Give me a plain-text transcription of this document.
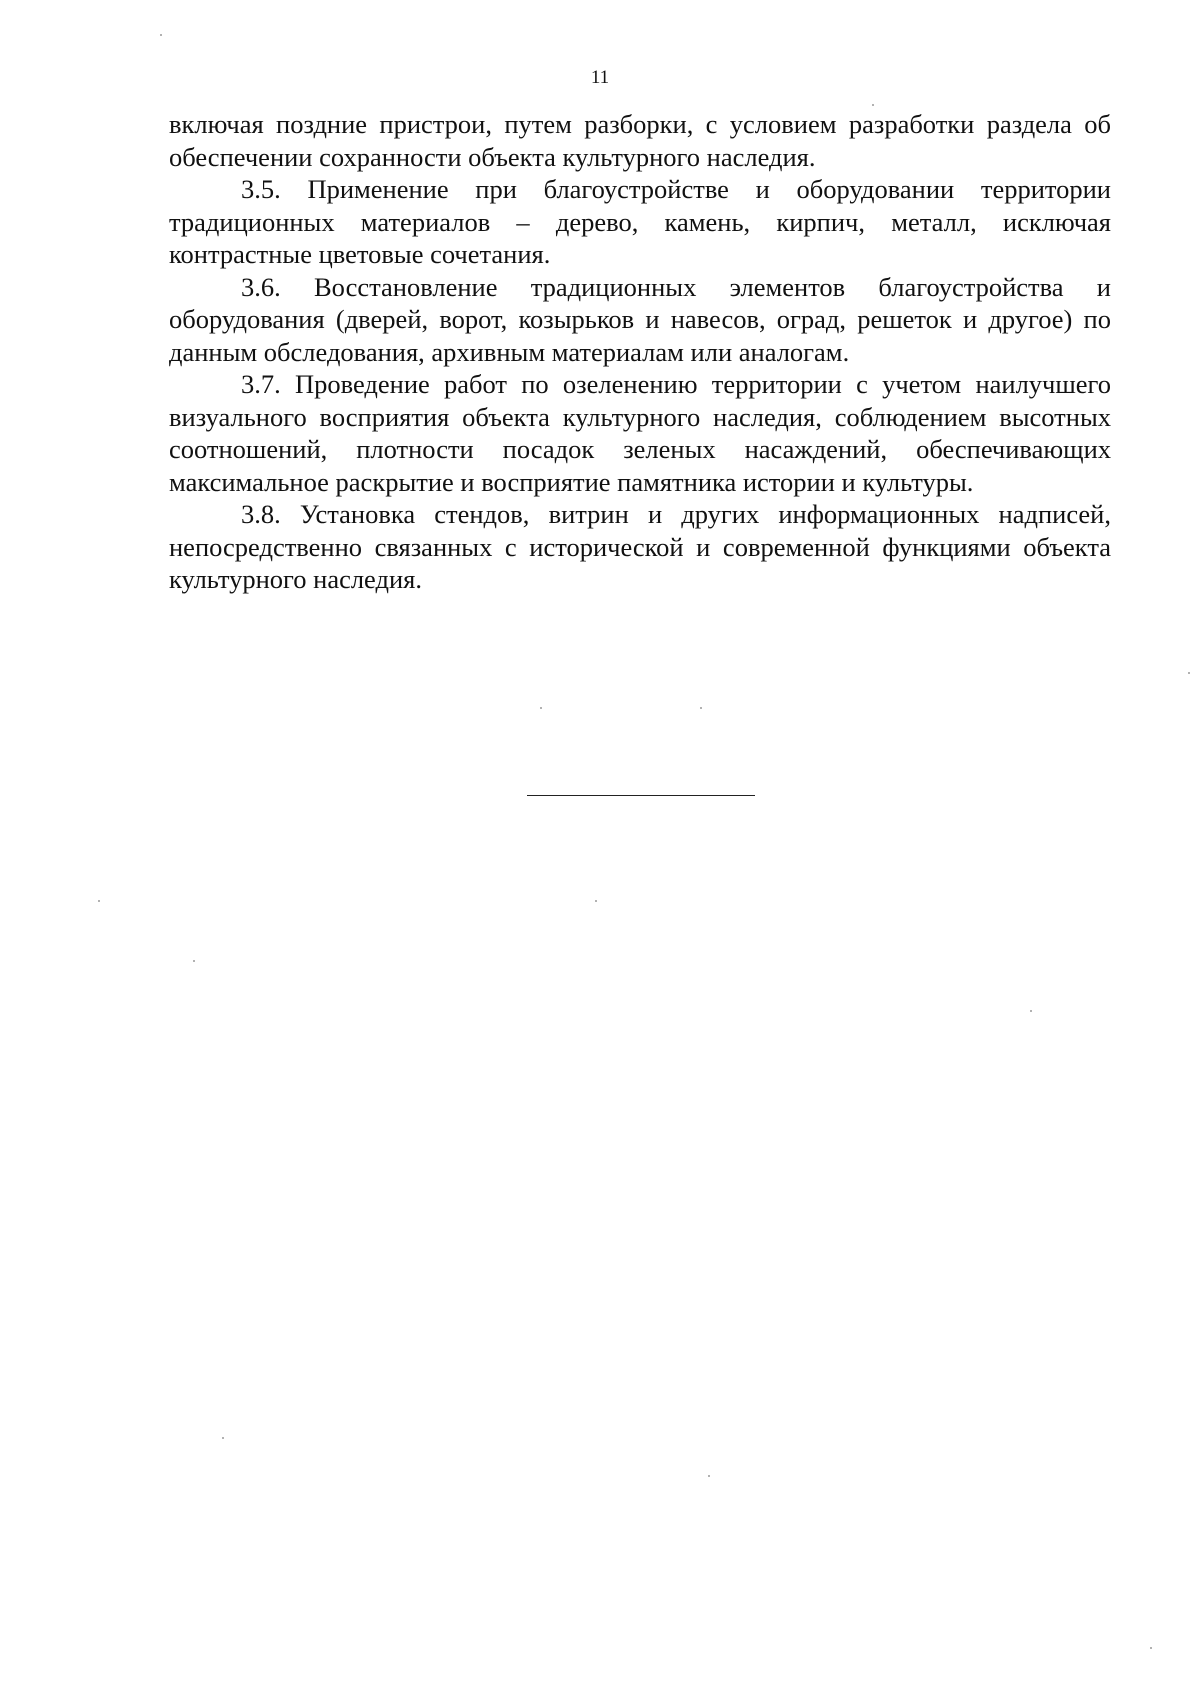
11

включая поздние пристрои, путем разборки, с условием разработки раздела об обеспечении сохранности объекта культурного наследия.

3.5. Применение при благоустройстве и оборудовании территории традиционных материалов – дерево, камень, кирпич, металл, исключая контрастные цветовые сочетания.

3.6. Восстановление традиционных элементов благоустройства и оборудования (дверей, ворот, козырьков и навесов, оград, решеток и другое) по данным обследования, архивным материалам или аналогам.

3.7. Проведение работ по озеленению территории с учетом наилучшего визуального восприятия объекта культурного наследия, соблюдением высотных соотношений, плотности посадок зеленых насаждений, обеспечивающих максимальное раскрытие и восприятие памятника истории и культуры.

3.8. Установка стендов, витрин и других информационных надписей, непосредственно связанных с исторической и современной функциями объекта культурного наследия.
